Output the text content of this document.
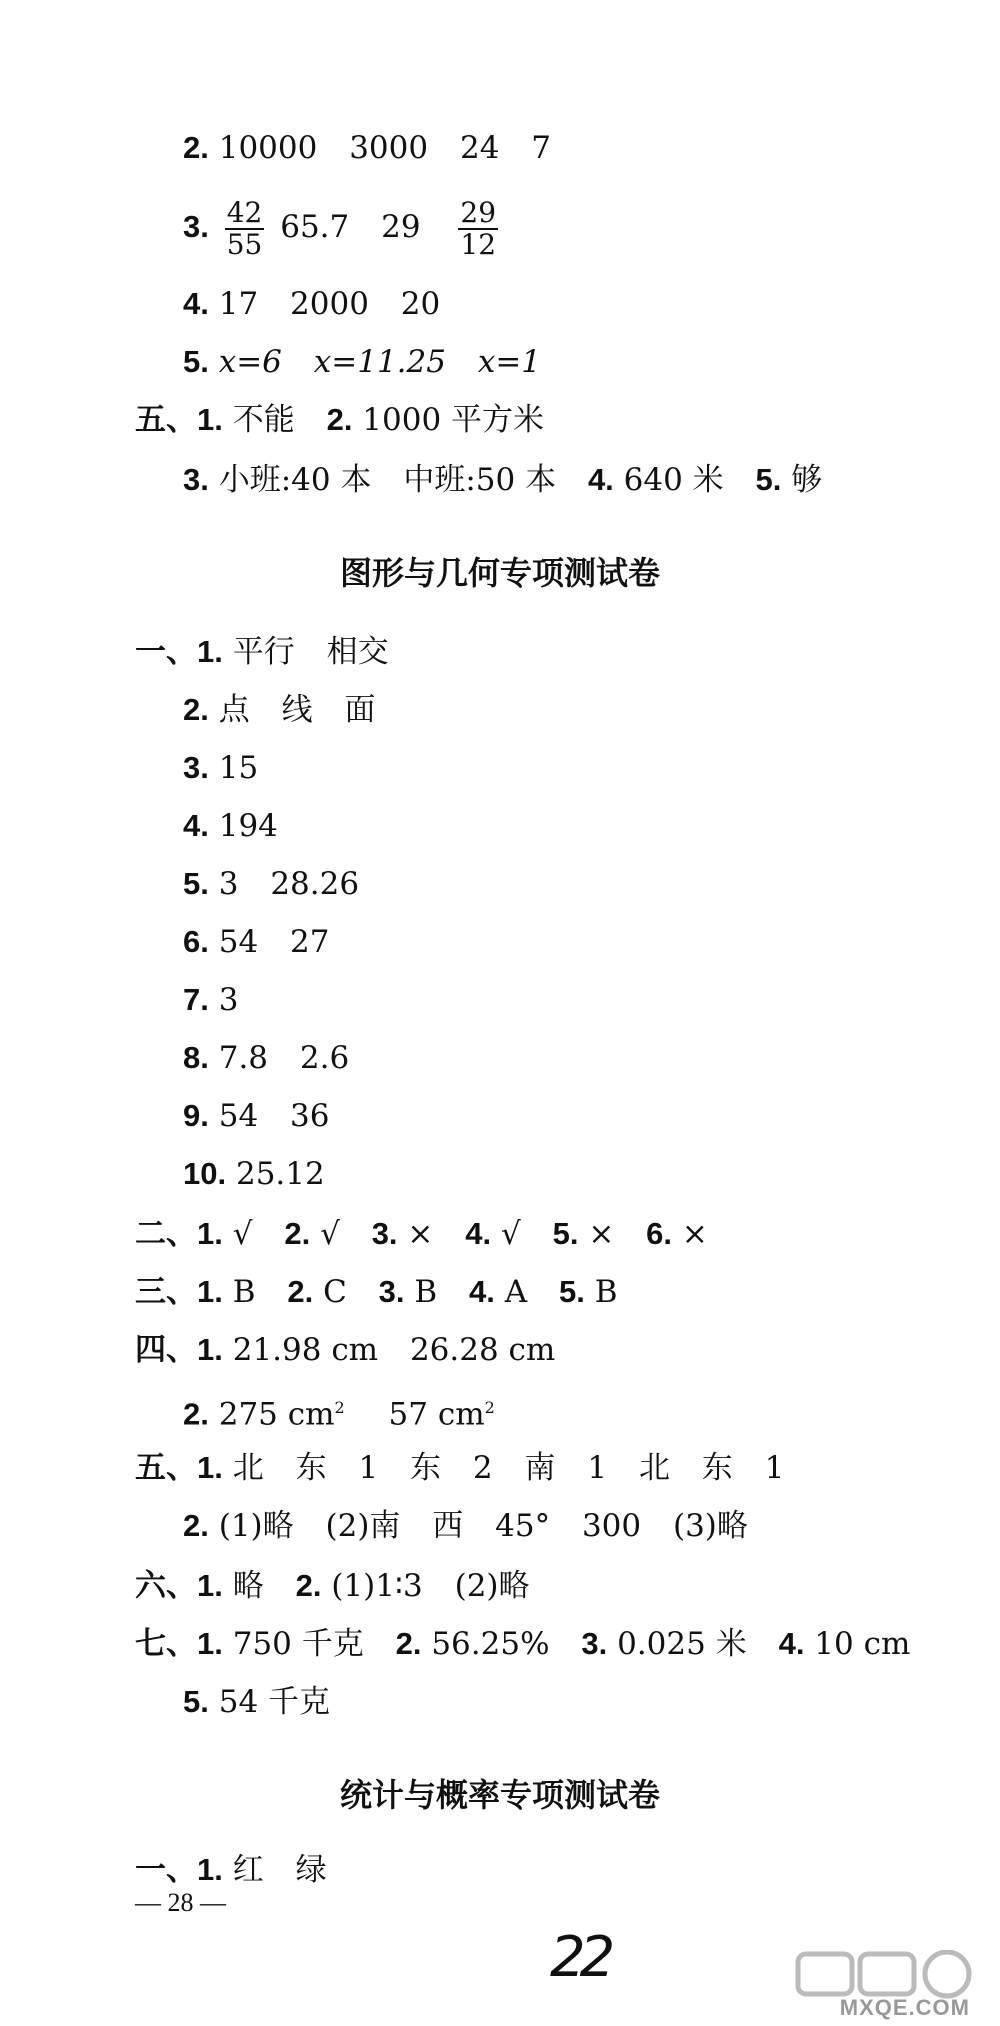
2. 10000 3000 24 7
3. $\frac{42}{55} 65.7$ $29 \frac{29}{12}$
4. 17 2000 20
5. x=6 x=11.25 x=1
五、1. 不能 2. 1000 平方米
3. 小班:40 本 中班:50 本 4. 640 米 5. 够
图形与几何专项测试卷
一、1. 平行 相交
2. 点 线 面
3. 15
4. 194
5. 3 28.26
6. 54 27
7. 3
8. 7.8 2.6
9. 54 36
10. 25.12
二、1. √ 2. √ 3. × 4. √ 5. × 6. ×
三、1. B 2. C 3. B 4. A 5. B
四、1. 21.98 cm 26.28 cm
2. 275 $cm^2$ 57 $cm^2$
五、1. 北 东 1 东 2 南 1 北 东 1
2. (1)略 (2)南 西 45° 300 (3)略
六、1. 略 2. (1)1∶3 (2)略
七、1. 750 千克 2. 56.25% 3. 0.025 米 4. 10 cm
5. 54 千克
统计与概率专项测试卷
一、1. 红 绿
— 28 —
22
MXQE.COM
